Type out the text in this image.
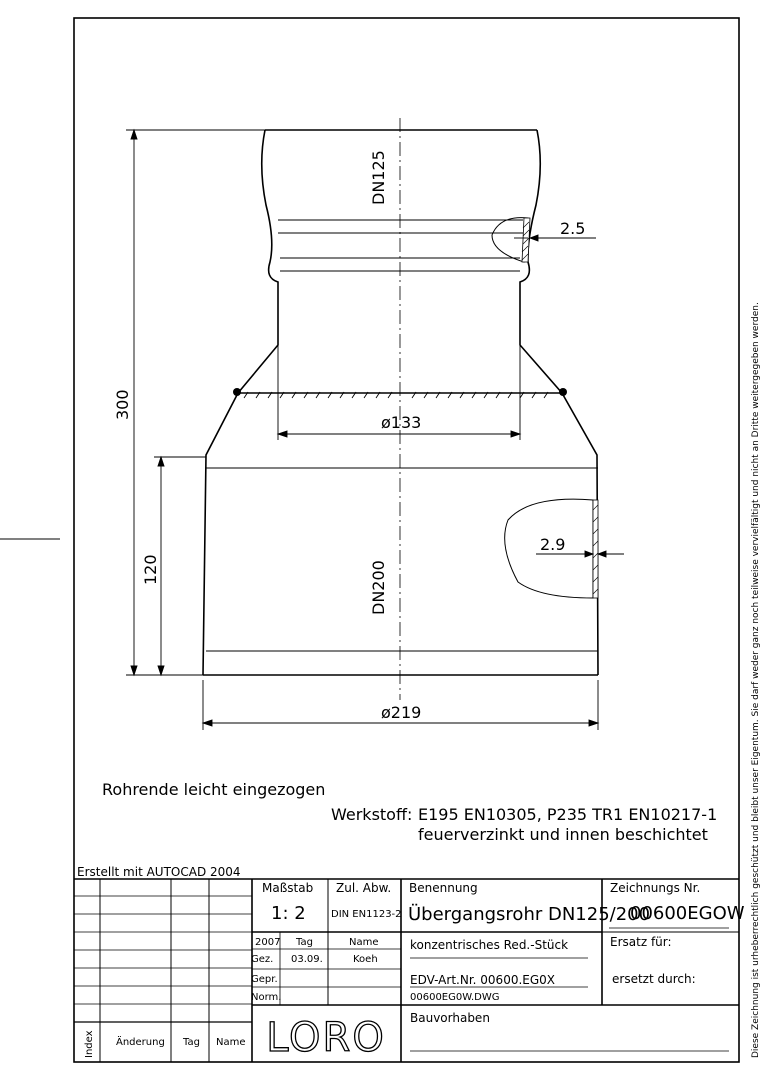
2.5
2.9
ø133
ø219
300
120
DN125
DN200
Rohrende leicht eingezogen
Werkstoff: E195 EN10305, P235 TR1 EN10217-1
feuerverzinkt und innen beschichtet	Diese Zeichnung ist urheberrechtlich geschützt und bleibt unser Eigentum. Sie darf weder ganz noch teilweise vervielfältigt und nicht an Dritte weitergegeben werden.
Erstellt mit AUTOCAD 2004
Maßstab
1: 2
Zul. Abw.
DIN EN1123-2
Benennung
Übergangsrohr DN125/200
Zeichnungs Nr.
00600EGOW
2007 Tag	Name
Gez. 03.09.	Koeh
Gepr.
Norm.
konzentrisches Red.-Stück	Ersatz für:
ersetzt durch:
EDV-Art.Nr. 00600.EG0X
00600EG0W.DWG
Bauvorhaben
LORO
Index Änderung Tag Name
